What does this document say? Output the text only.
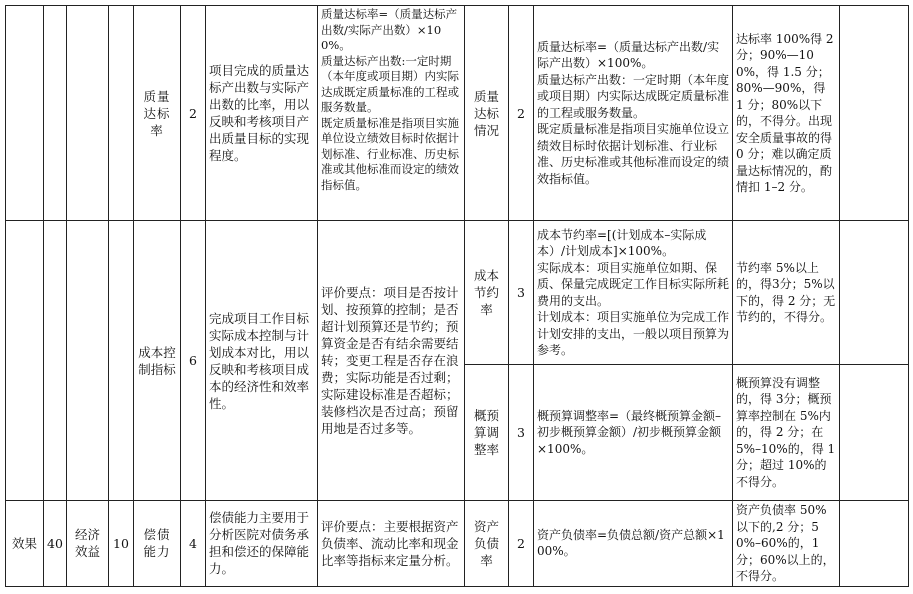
				质量达标率	2	项目完成的质量达标产出数与实际产出数的比率，用以反映和考核项目产出质量目标的实现程度。	质量达标率=（质量达标产出数/实际产出数）×100%。
质量达标产出数:一定时期（本年度或项目期）内实际达成既定质量标准的工程或服务数量。
既定质量标准是指项目实施单位设立绩效目标时依据计划标准、行业标准、历史标准或其他标准而设定的绩效指标值。	质量达标情况	2	质量达标率=（质量达标产出数/实际产出数）×100%。
质量达标产出数：一定时期（本年度或项目期）内实际达成既定质量标准的工程或服务数量。
既定质量标准是指项目实施单位设立绩效目标时依据计划标准、行业标准、历史标准或其他标准而设定的绩效指标值。	达标率 100%得 2分；90%—100%，得 1.5 分；80%—90%，得 1 分；80%以下的，不得分。出现安全质量事故的得 0 分；难以确定质量达标情况的，酌情扣 1–2 分。	
				成本控制指标	6	完成项目工作目标实际成本控制与计划成本对比，用以反映和考核项目成本的经济性和效率性。	评价要点：项目是否按计划、按预算的控制；是否超计划预算还是节约；预算资金是否有结余需要结转；变更工程是否存在浪费；实际功能是否过剩；实际建设标准是否超标；装修档次是否过高；预留用地是否过多等。	成本节约率	3	成本节约率=[(计划成本–实际成本）/计划成本]×100%。
实际成本：项目实施单位如期、保质、保量完成既定工作目标实际所耗费用的支出。
计划成本：项目实施单位为完成工作计划安排的支出，一般以项目预算为参考。	节约率 5%以上的，得3分；5%以下的，得 2 分；无节约的，不得分。	
								概预算调整率	3	概预算调整率=（最终概预算金额–初步概预算金额）/初步概预算金额×100%。	概预算没有调整的，得 3分；概预算率控制在 5%内的，得 2 分；在5%–10%的，得 1分；超过 10%的不得分。	
效果	40	经济效益	10	偿债能力	4	偿债能力主要用于分析医院对债务承担和偿还的保障能力。	评价要点：主要根据资产负债率、流动比率和现金比率等指标来定量分析。	资产负债率	2	资产负债率=负债总额/资产总额×100%。	资产负债率 50%以下的,2 分；50%–60%的，1 分；60%以上的，不得分。	
